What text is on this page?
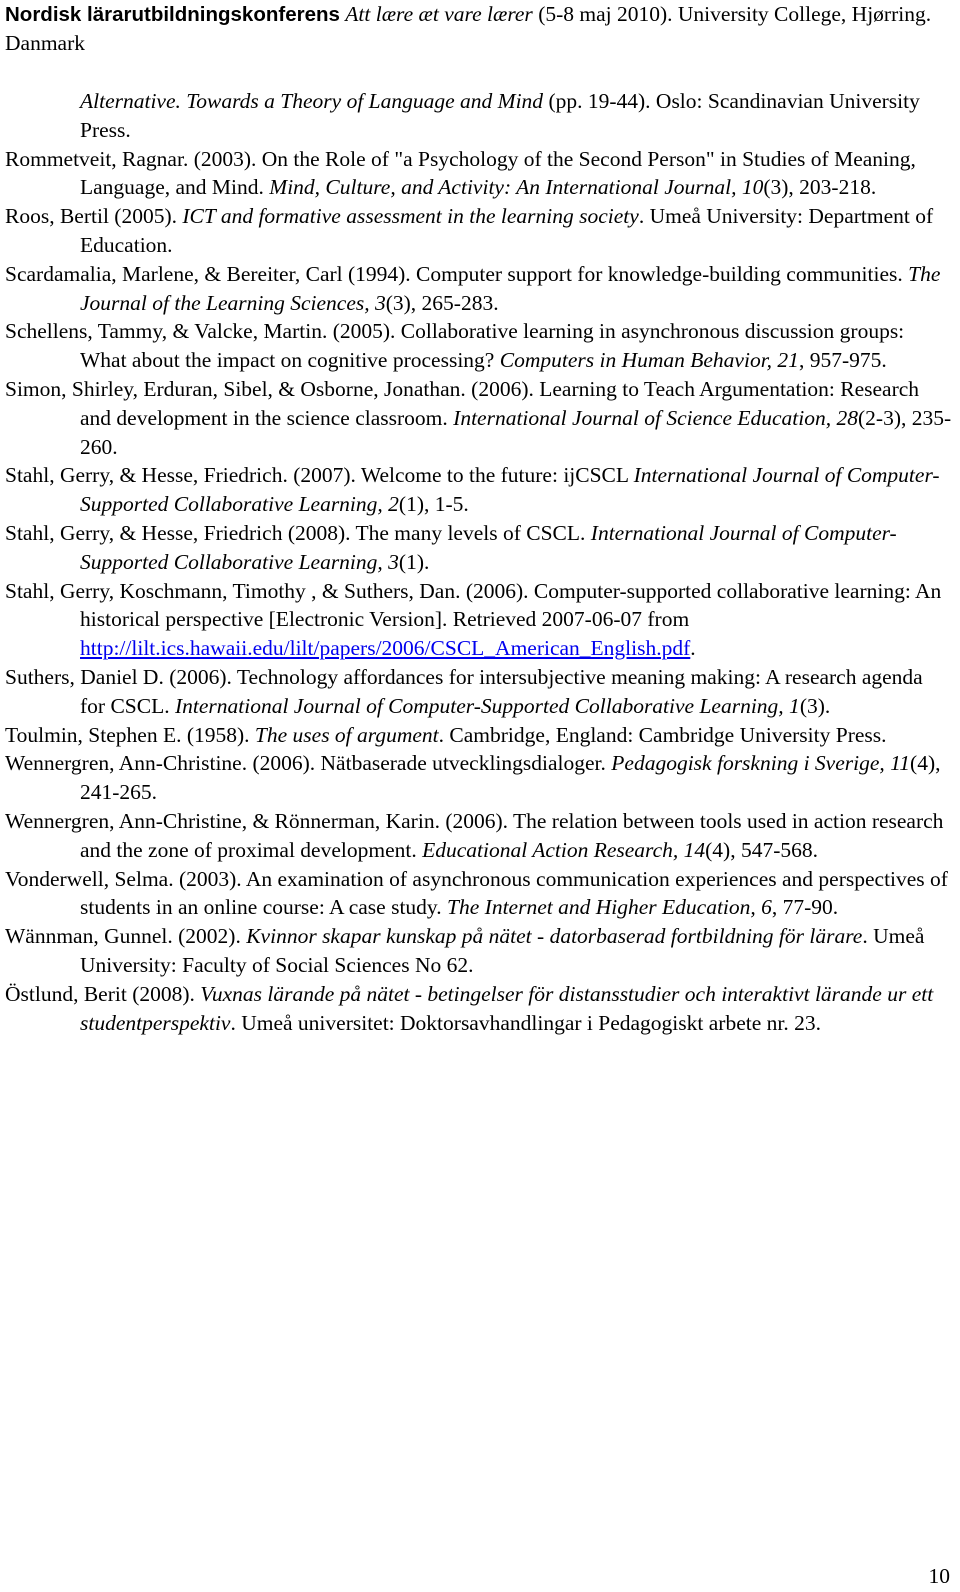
Nordisk lärarutbildningskonferens Att lære æt vare lærer (5-8 maj 2010). University College, Hjørring. Danmark
Alternative. Towards a Theory of Language and Mind (pp. 19-44). Oslo: Scandinavian University Press.
Rommetveit, Ragnar. (2003). On the Role of "a Psychology of the Second Person" in Studies of Meaning, Language, and Mind. Mind, Culture, and Activity: An International Journal, 10(3), 203-218.
Roos, Bertil (2005). ICT and formative assessment in the learning society. Umeå University: Department of Education.
Scardamalia, Marlene, & Bereiter, Carl (1994). Computer support for knowledge-building communities. The Journal of the Learning Sciences, 3(3), 265-283.
Schellens, Tammy, & Valcke, Martin. (2005). Collaborative learning in asynchronous discussion groups: What about the impact on cognitive processing? Computers in Human Behavior, 21, 957-975.
Simon, Shirley, Erduran, Sibel, & Osborne, Jonathan. (2006). Learning to Teach Argumentation: Research and development in the science classroom. International Journal of Science Education, 28(2-3), 235-260.
Stahl, Gerry, & Hesse, Friedrich. (2007). Welcome to the future: ijCSCL International Journal of Computer-Supported Collaborative Learning, 2(1), 1-5.
Stahl, Gerry, & Hesse, Friedrich (2008). The many levels of CSCL. International Journal of Computer-Supported Collaborative Learning, 3(1).
Stahl, Gerry, Koschmann, Timothy , & Suthers, Dan. (2006). Computer-supported collaborative learning: An historical perspective [Electronic Version]. Retrieved 2007-06-07 from http://lilt.ics.hawaii.edu/lilt/papers/2006/CSCL_American_English.pdf.
Suthers, Daniel D. (2006). Technology affordances for intersubjective meaning making: A research agenda for CSCL. International Journal of Computer-Supported Collaborative Learning, 1(3).
Toulmin, Stephen E. (1958). The uses of argument. Cambridge, England: Cambridge University Press.
Wennergren, Ann-Christine. (2006). Nätbaserade utvecklingsdialoger. Pedagogisk forskning i Sverige, 11(4), 241-265.
Wennergren, Ann-Christine, & Rönnerman, Karin. (2006). The relation between tools used in action research and the zone of proximal development. Educational Action Research, 14(4), 547-568.
Vonderwell, Selma. (2003). An examination of asynchronous communication experiences and perspectives of students in an online course: A case study. The Internet and Higher Education, 6, 77-90.
Wännman, Gunnel. (2002). Kvinnor skapar kunskap på nätet - datorbaserad fortbildning för lärare. Umeå University: Faculty of Social Sciences No 62.
Östlund, Berit (2008). Vuxnas lärande på nätet - betingelser för distansstudier och interaktivt lärande ur ett studentperspektiv. Umeå universitet: Doktorsavhandlingar i Pedagogiskt arbete nr. 23.
10
